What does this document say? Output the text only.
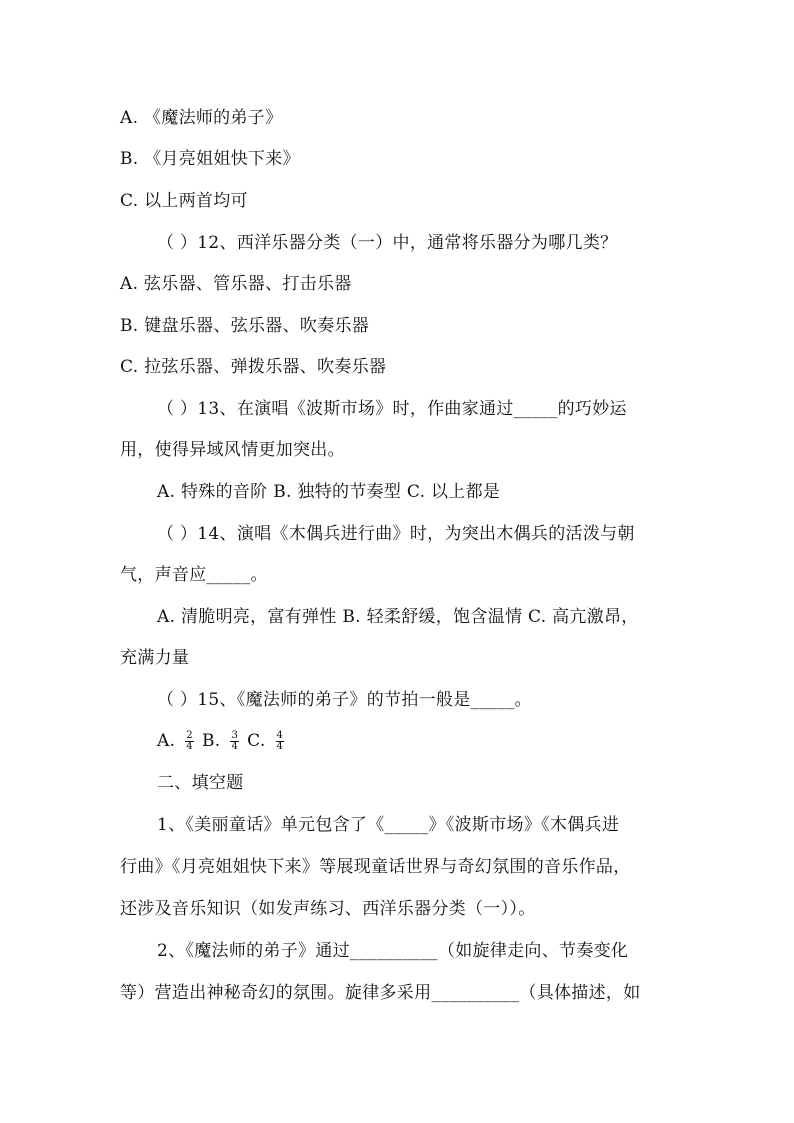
A. 《魔法师的弟子》
B. 《月亮姐姐快下来》
C. 以上两首均可
（ ）12、西洋乐器分类（一）中，通常将乐器分为哪几类？
A. 弦乐器、管乐器、打击乐器
B. 键盘乐器、弦乐器、吹奏乐器
C. 拉弦乐器、弹拨乐器、吹奏乐器
（ ）13、在演唱《波斯市场》时，作曲家通过_____的巧妙运
用，使得异域风情更加突出。
A. 特殊的音阶 B. 独特的节奏型 C. 以上都是
（ ）14、演唱《木偶兵进行曲》时，为突出木偶兵的活泼与朝
气，声音应_____。
A. 清脆明亮，富有弹性 B. 轻柔舒缓，饱含温情 C. 高亢激昂，
充满力量
（ ）15、《魔法师的弟子》的节拍一般是_____。
A. $\frac{2}{4} B$. $\frac{3}{4} C$. $\frac{4}{4}$
二、填空题
1、《美丽童话》单元包含了《_____》《波斯市场》《木偶兵进
行曲》《月亮姐姐快下来》等展现童话世界与奇幻氛围的音乐作品，
还涉及音乐知识（如发声练习、西洋乐器分类（一））。
2、《魔法师的弟子》通过__________（如旋律走向、节奏变化
等）营造出神秘奇幻的氛围。旋律多采用__________（具体描述，如
